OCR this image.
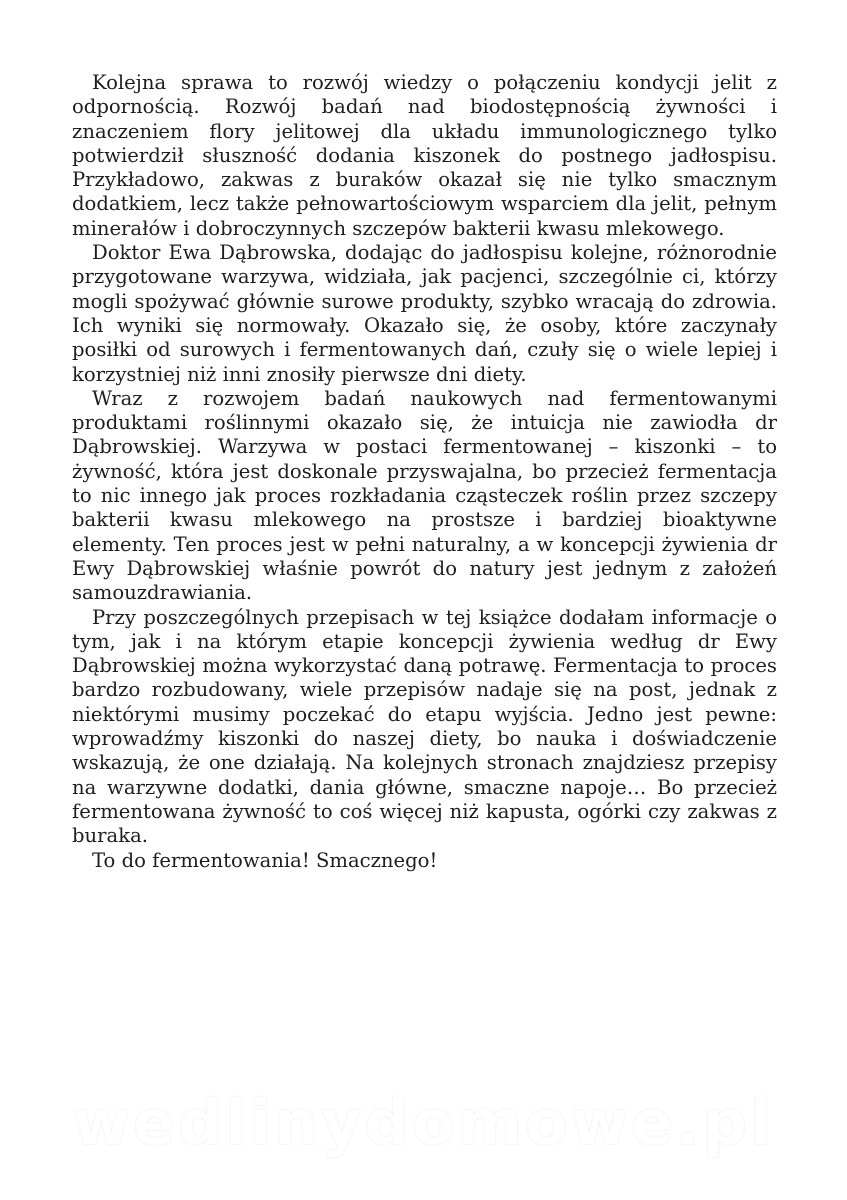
Kolejna sprawa to rozwój wiedzy o połączeniu kondycji jelit z odpornością. Rozwój badań nad biodostępnością żywności i znaczeniem flory jelitowej dla układu immunologicznego tylko potwierdził słuszność dodania kiszonek do postnego jadłospisu. Przykładowo, zakwas z buraków okazał się nie tylko smacznym dodatkiem, lecz także pełnowartościowym wsparciem dla jelit, pełnym minerałów i dobroczynnych szczepów bakterii kwasu mlekowego.

Doktor Ewa Dąbrowska, dodając do jadłospisu kolejne, różnorodnie przygotowane warzywa, widziała, jak pacjenci, szczególnie ci, którzy mogli spożywać głównie surowe produkty, szybko wracają do zdrowia. Ich wyniki się normowały. Okazało się, że osoby, które zaczynały posiłki od surowych i fermentowanych dań, czuły się o wiele lepiej i korzystniej niż inni znosiły pierwsze dni diety.

Wraz z rozwojem badań naukowych nad fermentowanymi produktami roślinnymi okazało się, że intuicja nie zawiodła dr Dąbrowskiej. Warzywa w postaci fermentowanej – kiszonki – to żywność, która jest doskonale przyswajalna, bo przecież fermentacja to nic innego jak proces rozkładania cząsteczek roślin przez szczepy bakterii kwasu mlekowego na prostsze i bardziej bioaktywne elementy. Ten proces jest w pełni naturalny, a w koncepcji żywienia dr Ewy Dąbrowskiej właśnie powrót do natury jest jednym z założeń samouzdrawiania.

Przy poszczególnych przepisach w tej książce dodałam informacje o tym, jak i na którym etapie koncepcji żywienia według dr Ewy Dąbrowskiej można wykorzystać daną potrawę. Fermentacja to proces bardzo rozbudowany, wiele przepisów nadaje się na post, jednak z niektórymi musimy poczekać do etapu wyjścia. Jedno jest pewne: wprowadźmy kiszonki do naszej diety, bo nauka i doświadczenie wskazują, że one działają. Na kolejnych stronach znajdziesz przepisy na warzywne dodatki, dania główne, smaczne napoje… Bo przecież fermentowana żywność to coś więcej niż kapusta, ogórki czy zakwas z buraka.

To do fermentowania! Smacznego!

wedlinydomowe.pl
